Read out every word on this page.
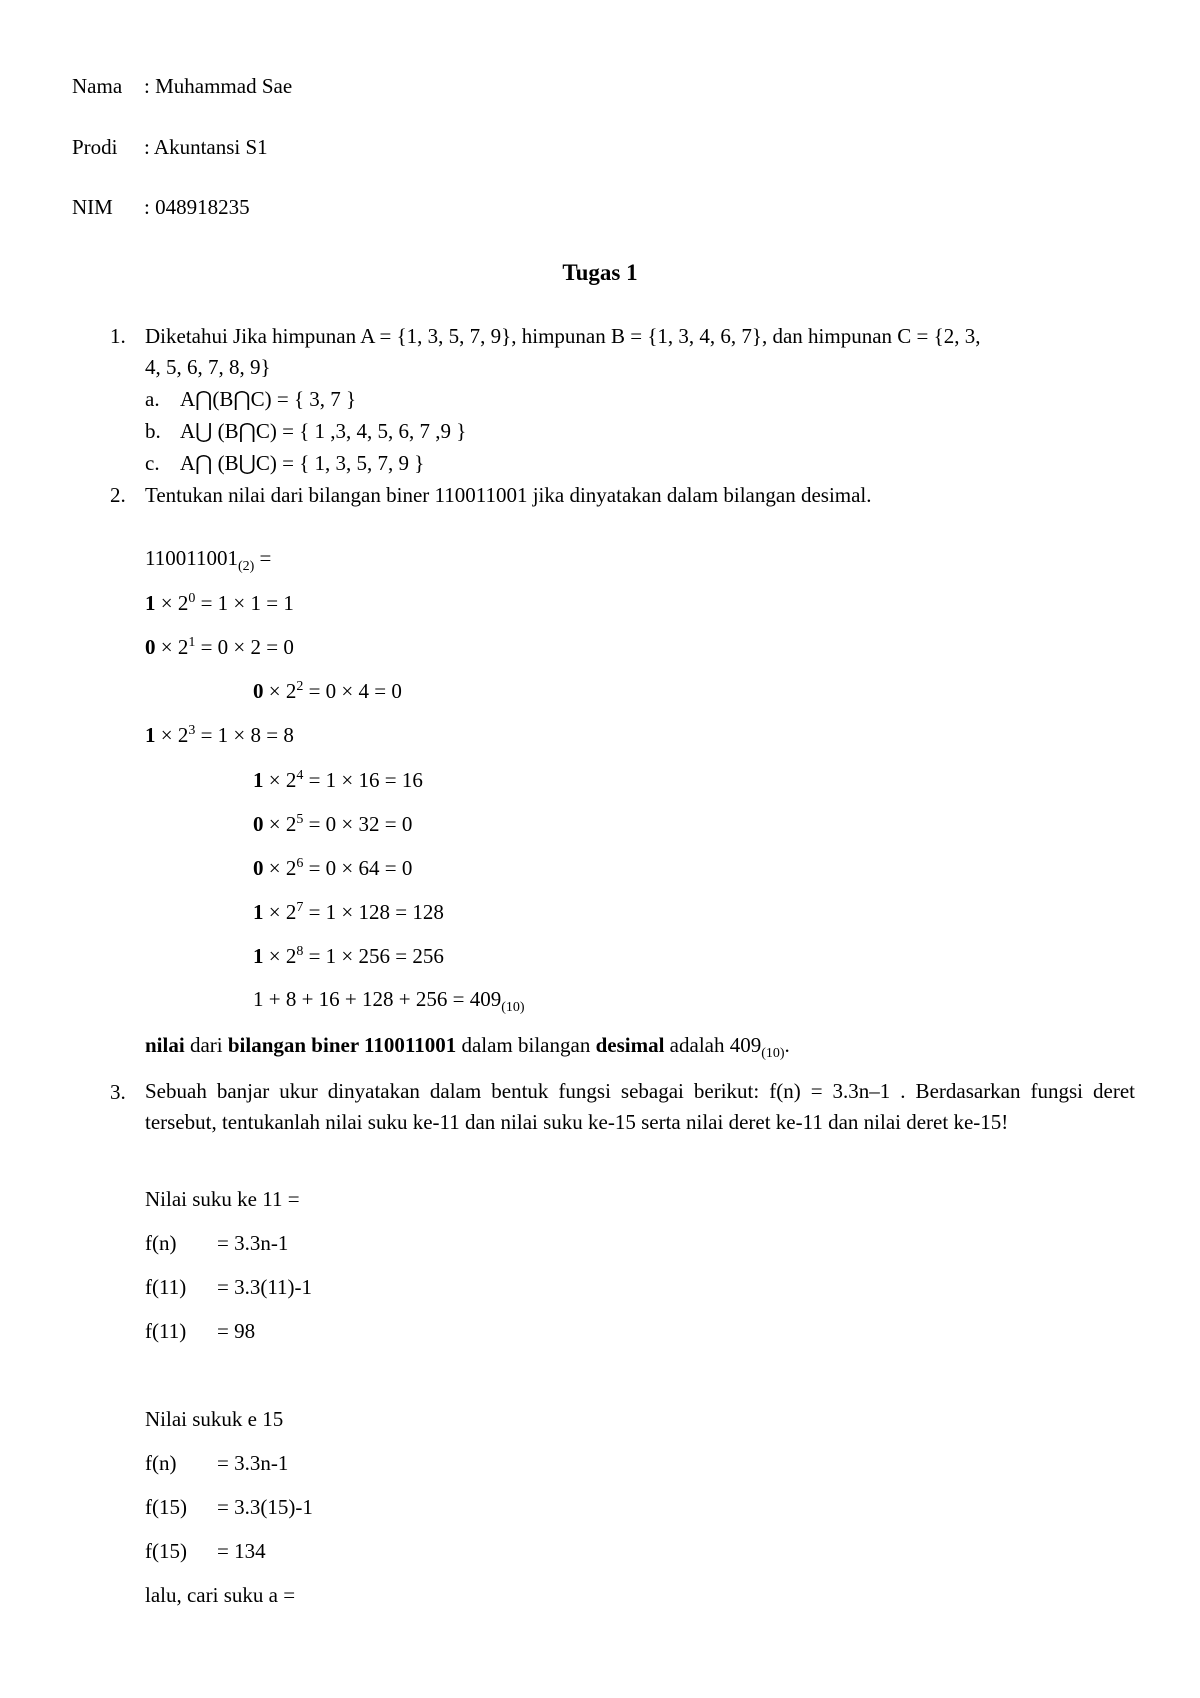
Nama : Muhammad Sae
Prodi : Akuntansi S1
NIM : 048918235
Tugas 1
1. Diketahui Jika himpunan A = {1, 3, 5, 7, 9}, himpunan B = {1, 3, 4, 6, 7}, dan himpunan C = {2, 3,
4, 5, 6, 7, 8, 9}
a. A⋂(B⋂C) = { 3, 7 }
b. A⋃ (B⋂C) = { 1 ,3, 4, 5, 6, 7 ,9 }
c. A⋂ (B⋃C) = { 1, 3, 5, 7, 9 }
2. Tentukan nilai dari bilangan biner 110011001 jika dinyatakan dalam bilangan desimal.
$110011001_{(2)}$ =
$1 \times 2^0 = 1 \times 1 = 1$
$0 \times 2^1 = 0 \times 2 = 0$
$0 \times 2^2 = 0 \times 4 = 0$
$1 \times 2^3 = 1 \times 8 = 8$
$1 \times 2^4 = 1 \times 16 = 16$
$0 \times 2^5 = 0 \times 32 = 0$
$0 \times 2^6 = 0 \times 64 = 0$
$1 \times 2^7 = 1 \times 128 = 128$
$1 \times 2^8 = 1 \times 256 = 256$
$1 + 8 + 16 + 128 + 256 = 409_{(10)}$
nilai dari bilangan biner 110011001 dalam bilangan desimal adalah $409_{(10)}$.
3. Sebuah banjar ukur dinyatakan dalam bentuk fungsi sebagai berikut: f(n) = 3.3n–1 . Berdasarkan fungsi deret tersebut, tentukanlah nilai suku ke-11 dan nilai suku ke-15 serta nilai deret ke-11 dan nilai deret ke-15!
Nilai suku ke 11 =
f(n) = 3.3n-1
f(11) = 3.3(11)-1
f(11) = 98
Nilai sukuk e 15
f(n) = 3.3n-1
f(15) = 3.3(15)-1
f(15) = 134
lalu, cari suku a =
